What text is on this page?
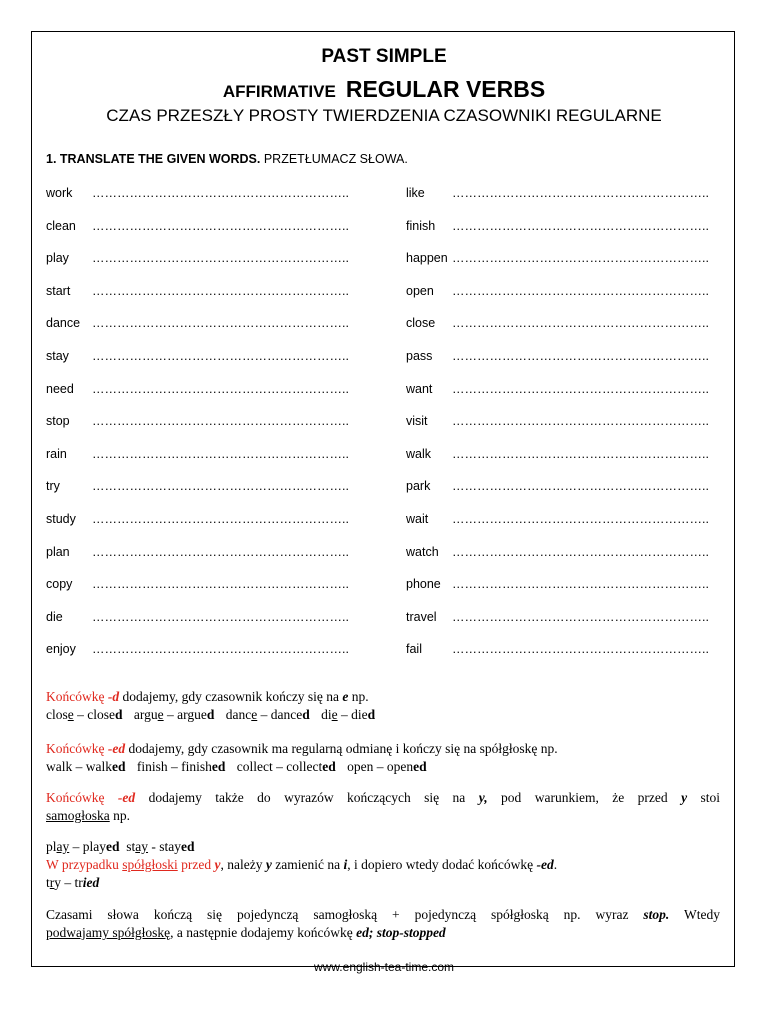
PAST SIMPLE
AFFIRMATIVE REGULAR VERBS
CZAS PRZESZŁY PROSTY TWIERDZENIA CZASOWNIKI REGULARNE
1. TRANSLATE THE GIVEN WORDS. PRZETŁUMACZ SŁOWA.
work ……………………………………………………..
clean ……………………………………………………..
play ……………………………………………………..
start ……………………………………………………..
dance ……………………………………………………..
stay ……………………………………………………..
need ……………………………………………………..
stop ……………………………………………………..
rain ……………………………………………………..
try	……………………………………………………..
study ……………………………………………………..
plan ……………………………………………………..
copy ……………………………………………………..
die ……………………………………………………..
enjoy ……………………………………………………..
like ……………………………………………………..
finish ……………………………………………………..
happen ……………………………………………………..
open ……………………………………………………..
close ……………………………………………………..
pass ……………………………………………………..
want ……………………………………………………..
visit ……………………………………………………..
walk ……………………………………………………..
park ……………………………………………………..
wait ……………………………………………………..
watch ……………………………………………………..
phone ……………………………………………………..
travel ……………………………………………………..
fail ……………………………………………………..
Końcówkę -d dodajemy, gdy czasownik kończy się na e np.
close – closed argue – argued dance – danced die – died
Końcówkę -ed dodajemy, gdy czasownik ma regularną odmianę i kończy się na spółgłoskę np.
walk – walked finish – finished collect – collected open – opened
Końcówkę -ed dodajemy także do wyrazów kończących się na y, pod warunkiem, że przed y stoi
samogłoska np.
play – played  stay - stayed
W przypadku spółgłoski przed y, należy y zamienić na i, i dopiero wtedy dodać końcówkę -ed.
try – tried
Czasami słowa kończą się pojedynczą samogłoską + pojedynczą spółgłoską np. wyraz stop. Wtedy
podwajamy spółgłoskę, a następnie dodajemy końcówkę ed; stop-stopped
www.english-tea-time.com
